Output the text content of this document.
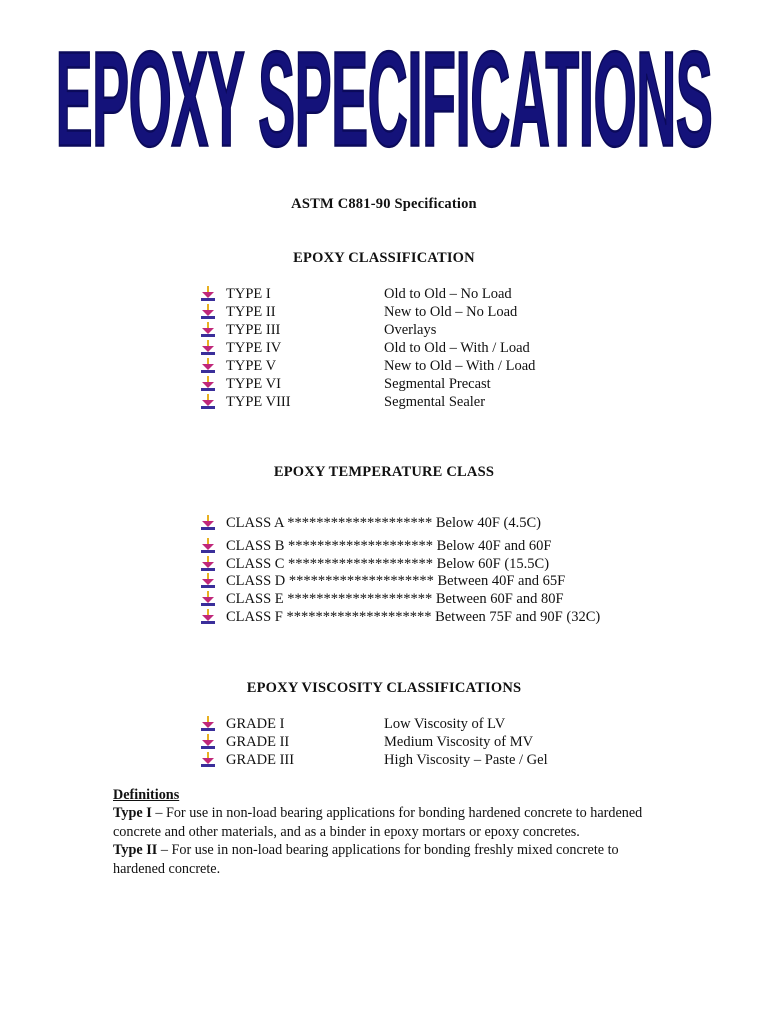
EPOXY SPECIFICATIONS
ASTM C881-90 Specification
EPOXY CLASSIFICATION
TYPE I	Old to Old – No Load
TYPE II	New to Old – No Load
TYPE III	Overlays
TYPE IV	Old to Old – With / Load
TYPE V	New to Old – With / Load
TYPE VI	Segmental Precast
TYPE VIII	Segmental Sealer
EPOXY TEMPERATURE CLASS
CLASS A ******************** Below 40F (4.5C)
CLASS B ******************** Below 40F and 60F
CLASS C ******************** Below 60F (15.5C)
CLASS D ******************** Between 40F and 65F
CLASS E ******************** Between 60F and 80F
CLASS F ******************** Between 75F and 90F (32C)
EPOXY VISCOSITY CLASSIFICATIONS
GRADE I	Low Viscosity of LV
GRADE II	Medium Viscosity of MV
GRADE III	High Viscosity – Paste / Gel
Definitions

Type I – For use in non-load bearing applications for bonding hardened concrete to hardened concrete and other materials, and as a binder in epoxy mortars or epoxy concretes.

Type II – For use in non-load bearing applications for bonding freshly mixed concrete to hardened concrete.
